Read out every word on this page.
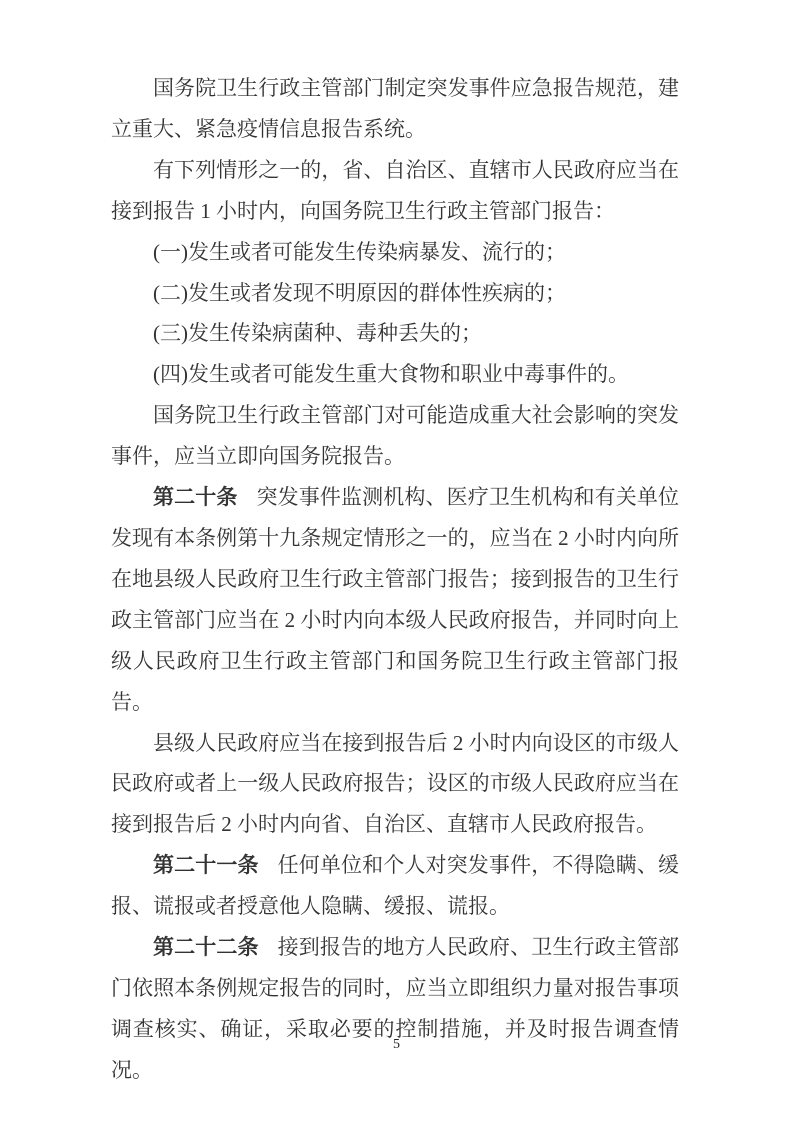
国务院卫生行政主管部门制定突发事件应急报告规范，建立重大、紧急疫情信息报告系统。

有下列情形之一的，省、自治区、直辖市人民政府应当在接到报告 1 小时内，向国务院卫生行政主管部门报告：

(一)发生或者可能发生传染病暴发、流行的；

(二)发生或者发现不明原因的群体性疾病的；

(三)发生传染病菌种、毒种丢失的；

(四)发生或者可能发生重大食物和职业中毒事件的。

国务院卫生行政主管部门对可能造成重大社会影响的突发事件，应当立即向国务院报告。

第二十条 突发事件监测机构、医疗卫生机构和有关单位发现有本条例第十九条规定情形之一的，应当在 2 小时内向所在地县级人民政府卫生行政主管部门报告；接到报告的卫生行政主管部门应当在 2 小时内向本级人民政府报告，并同时向上级人民政府卫生行政主管部门和国务院卫生行政主管部门报告。

县级人民政府应当在接到报告后 2 小时内向设区的市级人民政府或者上一级人民政府报告；设区的市级人民政府应当在接到报告后 2 小时内向省、自治区、直辖市人民政府报告。

第二十一条 任何单位和个人对突发事件，不得隐瞒、缓报、谎报或者授意他人隐瞒、缓报、谎报。

第二十二条 接到报告的地方人民政府、卫生行政主管部门依照本条例规定报告的同时，应当立即组织力量对报告事项调查核实、确证，采取必要的控制措施，并及时报告调查情况。

5
